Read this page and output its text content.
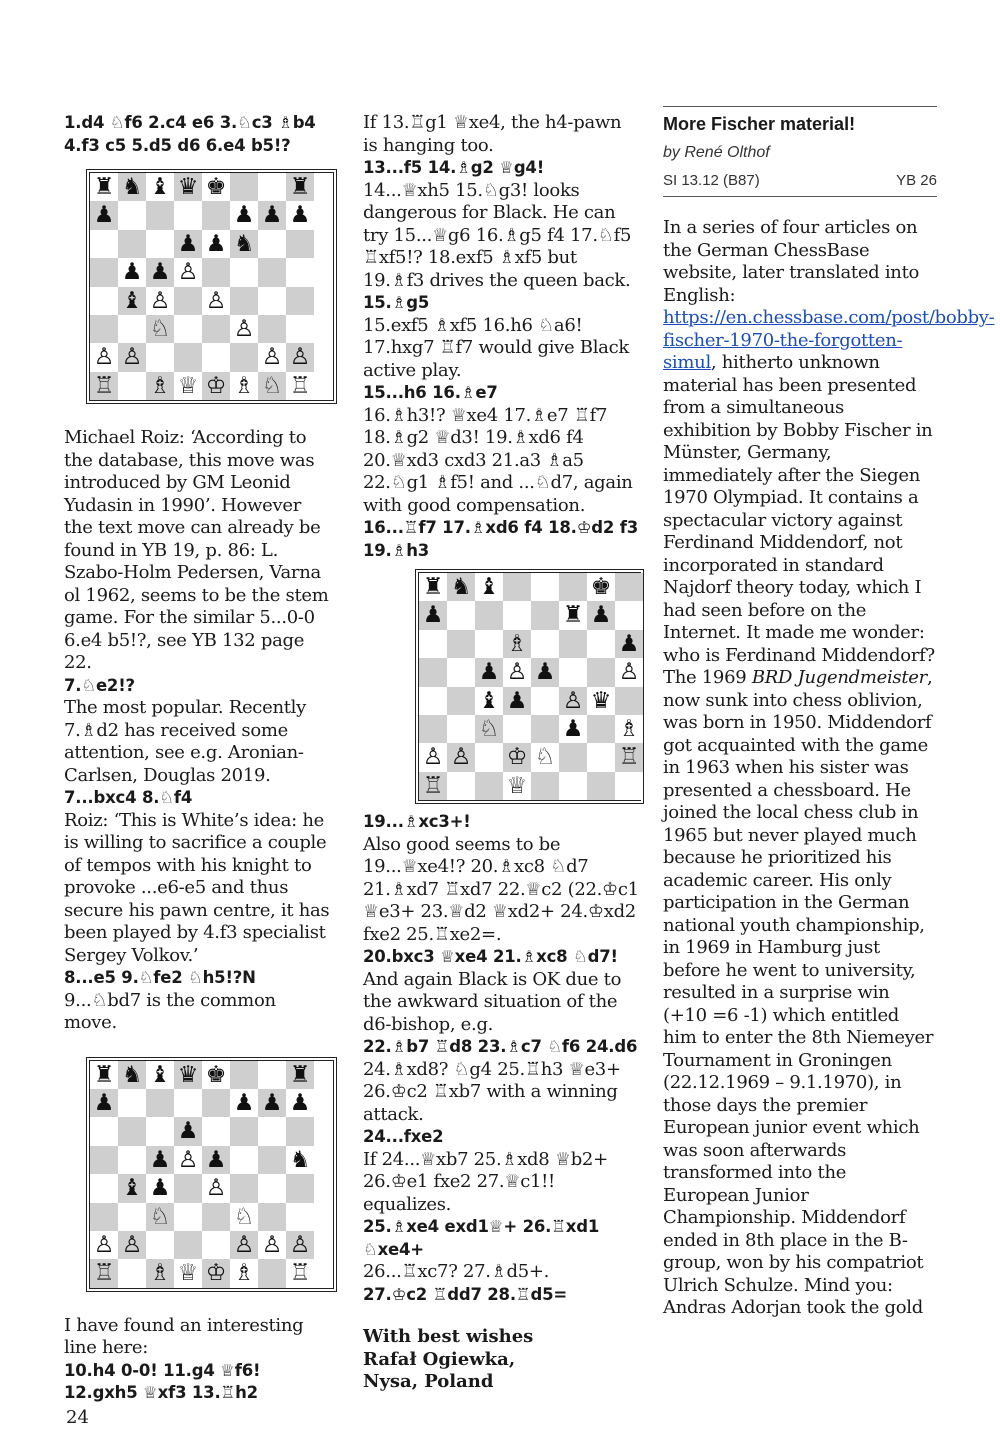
1.d4 ♘f6 2.c4 e6 3.♘c3 ♗b4 4.f3 c5 5.d5 d6 6.e4 b5!?
♜ ♞ ♝ ♛ ♚	♜
♟	♟ ♟ ♟
♟ ♟ ♞
♟ ♟ ♙
♝ ♙ ♙
♘	♙
♙ ♙	♙ ♙
♖ ♗ ♕ ♔ ♗ ♘ ♖
Michael Roiz: ‘According to the database, this move was introduced by GM Leonid Yudasin in 1990’. However the text move can already be found in YB 19, p. 86: L. Szabo-Holm Pedersen, Varna ol 1962, seems to be the stem game. For the similar 5...0-0 6.e4 b5!?, see YB 132 page 22.
7.♘e2!?
The most popular. Recently 7.♗d2 has received some attention, see e.g. Aronian-Carlsen, Douglas 2019.
7...bxc4 8.♘f4
Roiz: ‘This is White’s idea: he is willing to sacrifice a couple of tempos with his knight to provoke ...e6-e5 and thus secure his pawn centre, it has been played by 4.f3 specialist Sergey Volkov.’
8...e5 9.♘fe2 ♘h5!?N
9...♘bd7 is the common move.
♜ ♞ ♝ ♛ ♚	♜
♟	♟ ♟ ♟
♟
♟ ♙ ♟	♞
♝ ♟ ♙
♘	♘
♙ ♙	♙ ♙ ♙
♖ ♗ ♕ ♔ ♗ ♖
I have found an interesting line here:
10.h4 0-0! 11.g4 ♕f6! 12.gxh5 ♕xf3 13.♖h2
If 13.♖g1 ♕xe4, the h4-pawn is hanging too.
13...f5 14.♗g2 ♕g4!
14...♕xh5 15.♘g3! looks dangerous for Black. He can try 15...♕g6 16.♗g5 f4 17.♘f5 ♖xf5!? 18.exf5 ♗xf5 but 19.♗f3 drives the queen back.
15.♗g5
15.exf5 ♗xf5 16.h6 ♘a6! 17.hxg7 ♖f7 would give Black active play.
15...h6 16.♗e7
16.♗h3!? ♕xe4 17.♗e7 ♖f7 18.♗g2 ♕d3! 19.♗xd6 f4 20.♕xd3 cxd3 21.a3 ♗a5 22.♘g1 ♗f5! and ...♘d7, again with good compensation.
16...♖f7 17.♗xd6 f4 18.♔d2 f3 19.♗h3
♜ ♞ ♝	♚
♟	♜ ♟
♗	♟
♟ ♙ ♟	♙
♝ ♟ ♙ ♛
♘	♟ ♗
♙ ♙ ♔ ♘	♖
♖	♕
19...♗xc3+!
Also good seems to be 19...♕xe4!? 20.♗xc8 ♘d7 21.♗xd7 ♖xd7 22.♕c2 (22.♔c1 ♕e3+ 23.♕d2 ♕xd2+ 24.♔xd2 fxe2 25.♖xe2=.
20.bxc3 ♕xe4 21.♗xc8 ♘d7!
And again Black is OK due to the awkward situation of the d6-bishop, e.g.
22.♗b7 ♖d8 23.♗c7 ♘f6 24.d6
24.♗xd8? ♘g4 25.♖h3 ♕e3+ 26.♔c2 ♖xb7 with a winning attack.
24...fxe2
If 24...♕xb7 25.♗xd8 ♕b2+ 26.♔e1 fxe2 27.♕c1!! equalizes.
25.♗xe4 exd1♕+ 26.♖xd1 ♘xe4+
26...♖xc7? 27.♗d5+.
27.♔c2 ♖dd7 28.♖d5=
With best wishes
Rafał Ogiewka,
Nysa, Poland
More Fischer material!
by René Olthof
SI 13.12 (B87)	YB 26
In a series of four articles on the German ChessBase website, later translated into English: https://en.chessbase.com/post/bobby-fischer-1970-the-forgotten-simul, hitherto unknown material has been presented from a simultaneous exhibition by Bobby Fischer in Münster, Germany, immediately after the Siegen 1970 Olympiad. It contains a spectacular victory against Ferdinand Middendorf, not incorporated in standard Najdorf theory today, which I had seen before on the Internet. It made me wonder: who is Ferdinand Middendorf?
The 1969 BRD Jugendmeister, now sunk into chess oblivion, was born in 1950. Middendorf got acquainted with the game in 1963 when his sister was presented a chessboard. He joined the local chess club in 1965 but never played much because he prioritized his academic career. His only participation in the German national youth championship, in 1969 in Hamburg just before he went to university, resulted in a surprise win (+10 =6 -1) which entitled him to enter the 8th Niemeyer Tournament in Groningen (22.12.1969 – 9.1.1970), in those days the premier European junior event which was soon afterwards transformed into the European Junior Championship. Middendorf ended in 8th place in the B-group, won by his compatriot Ulrich Schulze. Mind you: Andras Adorjan took the gold
24
